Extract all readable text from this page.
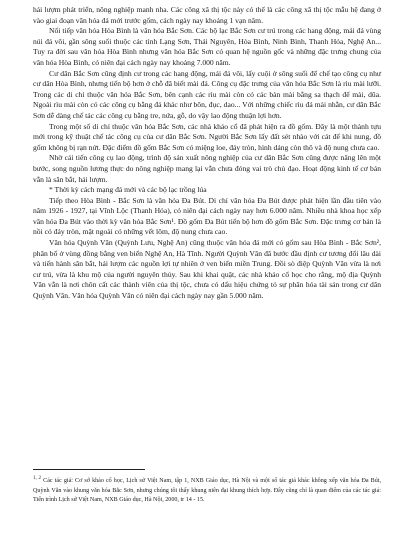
hái lượm phát triển, nông nghiệp manh nha. Các công xã thị tộc này có thể là các công xã thị tộc mẫu hệ đang ở vào giai đoạn văn hóa đá mới trước gốm, cách ngày nay khoảng 1 vạn năm.

Nối tiếp văn hóa Hòa Bình là văn hóa Bắc Sơn. Các bộ lạc Bắc Sơn cư trú trong các hang động, mái đá vùng núi đá vôi, gần sông suối thuộc các tỉnh Lạng Sơn, Thái Nguyên, Hòa Bình, Ninh Bình, Thanh Hóa, Nghệ An... Tuy ra đời sau văn hóa Hòa Bình nhưng văn hóa Bắc Sơn có quan hệ nguồn gốc và những đặc trưng chung của văn hóa Hòa Bình, có niên đại cách ngày nay khoảng 7.000 năm.

Cư dân Bắc Sơn cũng định cư trong các hang động, mái đá vôi, lấy cuội ở sông suối để chế tạo công cụ như cư dân Hòa Bình, nhưng tiến bộ hơn ở chỗ đã biết mài đá. Công cụ đặc trưng của văn hóa Bắc Sơn là rìu mài lưỡi. Trong các di chỉ thuộc văn hóa Bắc Sơn, bên cạnh các rìu mài còn có các bàn mài bằng sa thạch để mài, dũa. Ngoài rìu mài còn có các công cụ bằng đá khác như bôn, đục, dao... Với những chiếc rìu đá mài nhẵn, cư dân Bắc Sơn dễ dàng chế tác các công cụ bằng tre, nứa, gỗ, do vậy lao động thuận lợi hơn.

Trong một số di chỉ thuộc văn hóa Bắc Sơn, các nhà khảo cổ đã phát hiện ra đồ gốm. Đây là một thành tựu mới trong kỹ thuật chế tác công cụ của cư dân Bắc Sơn. Người Bắc Sơn lấy đất sét nhào với cát để khi nung, đồ gốm không bị rạn nứt. Đặc điểm đồ gốm Bắc Sơn có miệng loe, đáy tròn, hình dáng còn thô và độ nung chưa cao.

Nhờ cải tiến công cụ lao động, trình độ sản xuất nông nghiệp của cư dân Bắc Sơn cũng được nâng lên một bước, song nguồn lương thực do nông nghiệp mang lại vẫn chưa đóng vai trò chủ đạo. Hoạt động kinh tế cơ bản vẫn là săn bắt, hái lượm.

* Thời kỳ cách mạng đá mới và các bộ lạc trồng lúa

Tiếp theo Hòa Bình - Bắc Sơn là văn hóa Đa Bút. Di chỉ văn hóa Đa Bút được phát hiện lần đầu tiên vào năm 1926 - 1927, tại Vĩnh Lộc (Thanh Hóa), có niên đại cách ngày nay hơn 6.000 năm. Nhiều nhà khoa học xếp văn hóa Đa Bút vào thời kỳ văn hóa Bắc Sơn¹. Đồ gốm Đa Bút tiến bộ hơn đồ gốm Bắc Sơn. Đặc trưng cơ bản là nồi có đáy tròn, mặt ngoài có những vết lõm, độ nung chưa cao.

Văn hóa Quỳnh Văn (Quỳnh Lưu, Nghệ An) cũng thuộc văn hóa đá mới có gốm sau Hòa Bình - Bắc Sơn², phân bố ở vùng đồng bằng ven biển Nghệ An, Hà Tĩnh. Người Quỳnh Văn đã bước đầu định cư tương đối lâu dài và tiến hành săn bắt, hái lượm các nguồn lợi tự nhiên ở ven biển miền Trung. Đồi sò điệp Quỳnh Văn vừa là nơi cư trú, vừa là khu mộ của người nguyên thủy. Sau khi khai quật, các nhà khảo cổ học cho rằng, mộ địa Quỳnh Văn vẫn là nơi chôn cất các thành viên của thị tộc, chưa có dấu hiệu chứng tỏ sự phân hóa tài sản trong cư dân Quỳnh Văn. Văn hóa Quỳnh Văn có niên đại cách ngày nay gần 5.000 năm.

$^{1, 2}$ Các tác giả: Cơ sở khảo cổ học, Lịch sử Việt Nam, tập 1, NXB Giáo dục, Hà Nội và một số tác giả khác không xếp văn hóa Đa Bút, Quỳnh Văn vào khung văn hóa Bắc Sơn, nhưng chúng tôi thấy khung niên đại khung thích hợp. Đây cũng chỉ là quan điểm của các tác giả: Tiến trình Lịch sử Việt Nam, NXB Giáo dục, Hà Nội, 2000, tr 14 - 15.
